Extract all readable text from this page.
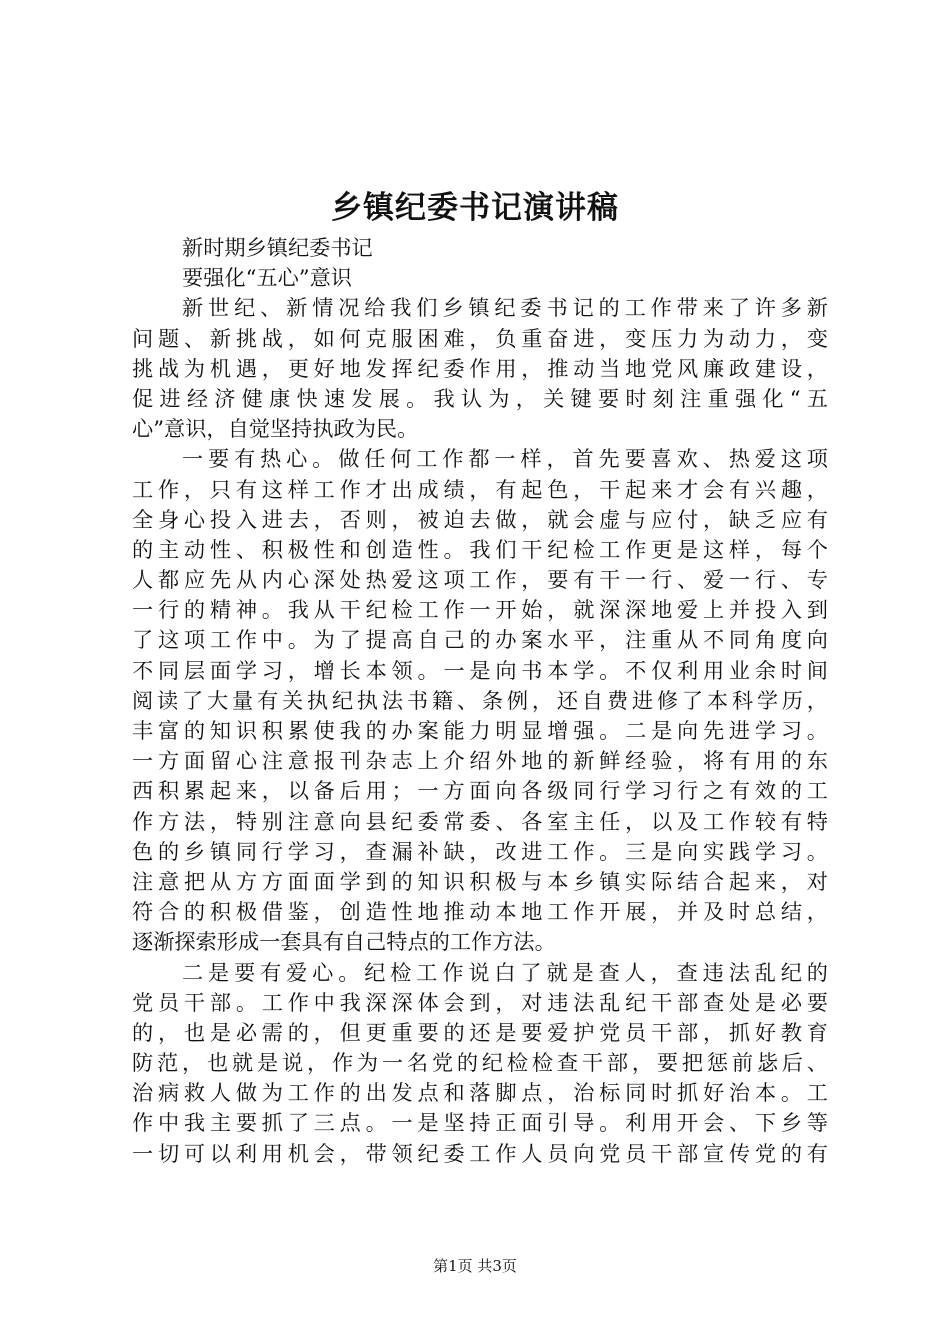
乡镇纪委书记演讲稿
新时期乡镇纪委书记
要强化“五心”意识
新世纪、新情况给我们乡镇纪委书记的工作带来了许多新
问题、新挑战，如何克服困难，负重奋进，变压力为动力，变
挑战为机遇，更好地发挥纪委作用，推动当地党风廉政建设，
促进经济健康快速发展。我认为，关键要时刻注重强化“五
心”意识，自觉坚持执政为民。
一要有热心。做任何工作都一样，首先要喜欢、热爱这项
工作，只有这样工作才出成绩，有起色，干起来才会有兴趣，
全身心投入进去，否则，被迫去做，就会虚与应付，缺乏应有
的主动性、积极性和创造性。我们干纪检工作更是这样，每个
人都应先从内心深处热爱这项工作，要有干一行、爱一行、专
一行的精神。我从干纪检工作一开始，就深深地爱上并投入到
了这项工作中。为了提高自己的办案水平，注重从不同角度向
不同层面学习，增长本领。一是向书本学。不仅利用业余时间
阅读了大量有关执纪执法书籍、条例，还自费进修了本科学历，
丰富的知识积累使我的办案能力明显增强。二是向先进学习。
一方面留心注意报刊杂志上介绍外地的新鲜经验，将有用的东
西积累起来，以备后用；一方面向各级同行学习行之有效的工
作方法，特别注意向县纪委常委、各室主任，以及工作较有特
色的乡镇同行学习，查漏补缺，改进工作。三是向实践学习。
注意把从方方面面学到的知识积极与本乡镇实际结合起来，对
符合的积极借鉴，创造性地推动本地工作开展，并及时总结，
逐渐探索形成一套具有自己特点的工作方法。
二是要有爱心。纪检工作说白了就是查人，查违法乱纪的
党员干部。工作中我深深体会到，对违法乱纪干部查处是必要
的，也是必需的，但更重要的还是要爱护党员干部，抓好教育
防范，也就是说，作为一名党的纪检检查干部，要把惩前毖后、
治病救人做为工作的出发点和落脚点，治标同时抓好治本。工
作中我主要抓了三点。一是坚持正面引导。利用开会、下乡等
一切可以利用机会，带领纪委工作人员向党员干部宣传党的有
第1页 共3页
